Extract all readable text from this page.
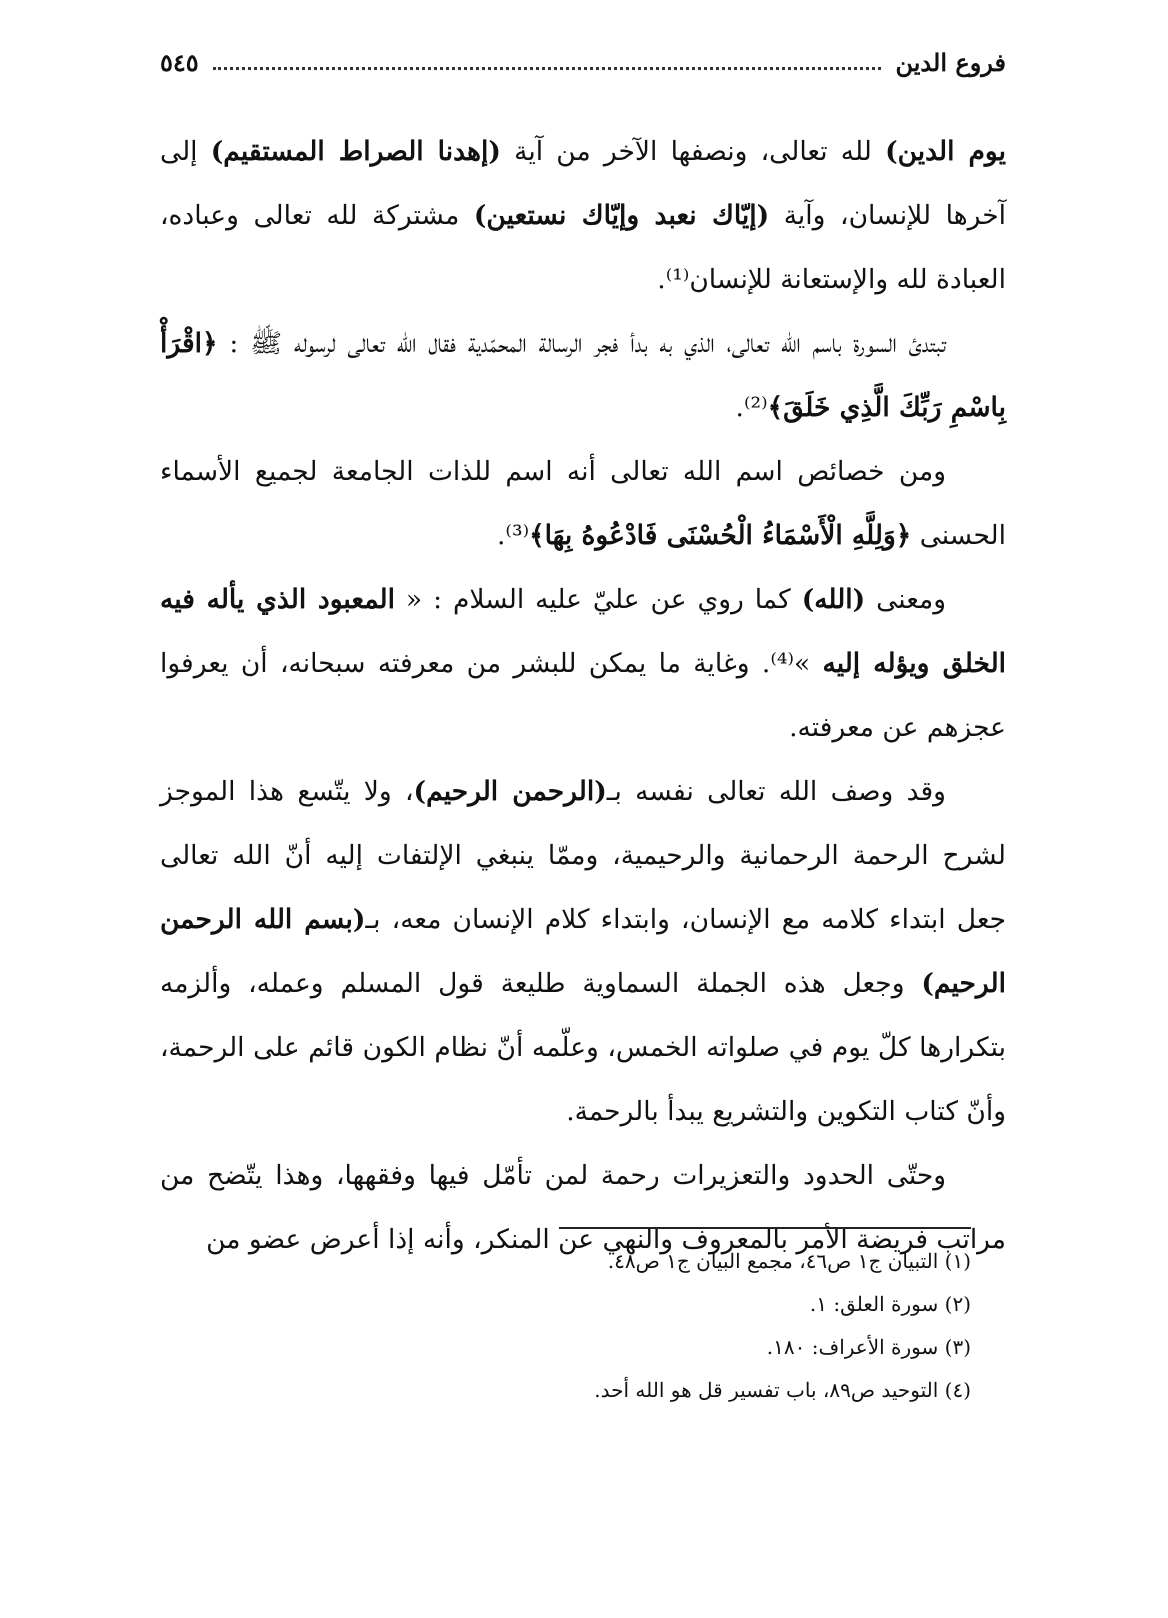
فروع الدين
٥٤٥

يوم الدين) لله تعالى، ونصفها الآخر من آية (إهدنا الصراط المستقيم) إلى آخرها للإنسان، وآية (إيّاك نعبد وإيّاك نستعين) مشتركة لله تعالى وعباده، العبادة لله والإستعانة للإنسان⁽¹⁾.

تبتدئ السورة باسم الله تعالى، الذي به بدأ فجر الرسالة المحمّدية فقال الله تعالى لرسوله ﷺ : ﴿اقْرَأْ بِاسْمِ رَبِّكَ الَّذِي خَلَقَ﴾⁽²⁾.

ومن خصائص اسم الله تعالى أنه اسم للذات الجامعة لجميع الأسماء الحسنى ﴿وَلِلَّهِ الْأَسْمَاءُ الْحُسْنَى فَادْعُوهُ بِهَا﴾⁽³⁾.

ومعنى (الله) كما روي عن عليّ عليه السلام : « المعبود الذي يأله فيه الخلق ويؤله إليه »⁽⁴⁾. وغاية ما يمكن للبشر من معرفته سبحانه، أن يعرفوا عجزهم عن معرفته.

وقد وصف الله تعالى نفسه بـ(الرحمن الرحيم)، ولا يتّسع هذا الموجز لشرح الرحمة الرحمانية والرحيمية، وممّا ينبغي الإلتفات إليه أنّ الله تعالى جعل ابتداء كلامه مع الإنسان، وابتداء كلام الإنسان معه، بـ(بسم الله الرحمن الرحيم) وجعل هذه الجملة السماوية طليعة قول المسلم وعمله، وألزمه بتكرارها كلّ يوم في صلواته الخمس، وعلّمه أنّ نظام الكون قائم على الرحمة، وأنّ كتاب التكوين والتشريع يبدأ بالرحمة.

وحتّى الحدود والتعزيرات رحمة لمن تأمّل فيها وفقهها، وهذا يتّضح من مراتب فريضة الأمر بالمعروف والنهي عن المنكر، وأنه إذا أعرض عضو من

(١) التبيان ج١ ص٤٦، مجمع البيان ج١ ص٤٨.

(٢) سورة العلق: ١.

(٣) سورة الأعراف: ١٨٠.

(٤) التوحيد ص٨٩، باب تفسير قل هو الله أحد.
